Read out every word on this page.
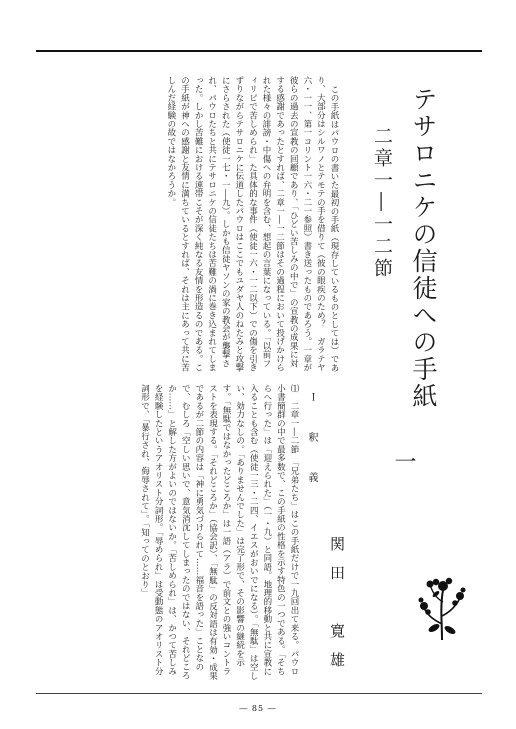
テサロニケの信徒への手紙
一
二章一―一二節
関田　寛雄

この手紙はパウロの書いた最初の手紙（現存しているものとしては）であり、大部分はシルワノとテモテの手を借りて（彼の眼疾のため？　ガラテヤ六・一一、第一コリント一六・二一参照）書き送ったものであろう。一章が彼らの過去の宣教の回顧であり、「ひどい苦しみの中で」の宣教の成果に対する感謝であったとすれば、二章一―一二節はその過程において投げかけられた様々の誹謗・中傷への弁明を含む、想起の言葉になっている。「以前フィリピで苦しめられ」た具体的な事件（使徒一六・一二以下）での傷を引きずりながらテサロニケに伝道したパウロはここでもユダヤ人のねたみと攻撃にさらされた（使徒一七・一―九）。しかも信徒ヤソンの家の教会が襲撃され、パウロたちと共にテサロニケの信徒たちは苦難の渦に巻き込まれてしまった。しかし苦難における連帯こそが深く純なる友情を形造るのである。この手紙が神への感謝と友情に満ちているとすれば、それは主にあって共に苦しんだ経験の故ではなかろうか。

Ｉ　釈　義

⑴　二章一―二節　「兄弟たち」はこの手紙だけで一九回出て来る。パウロ小書簡群の中で最多数で、この手紙の性格を示す特色の一つである。「そちらへ行った」は「迎えられた」（一・九）と同語。地理的移動と共に宣教に入ることも含む（使徒一三・二四、イエスがおいでになる）。「無駄」は空しい、効力なしの。「ありませんでした」は完了形で、その影響の継続を示す。「無駄ではなかったどころか」は一語（アラ）で前文との強いコントラストを表現する。「それどころか」（協会訳）、「無駄」の反対語は有効・成果であるが二節の内容は「神に勇気づけられて……福音を語った」ことなので、むしろ「空しい思いで、意気消沈してしまったのではない、それどころか……」と解した方がよいのではないか。「苦しめられ」は、かつて苦しみを経験したというアオリスト分詞形。「辱められ」は受動態のアオリスト分詞形で、「暴行され、侮辱されて」。「知ってのとおり」

― 85 ―
